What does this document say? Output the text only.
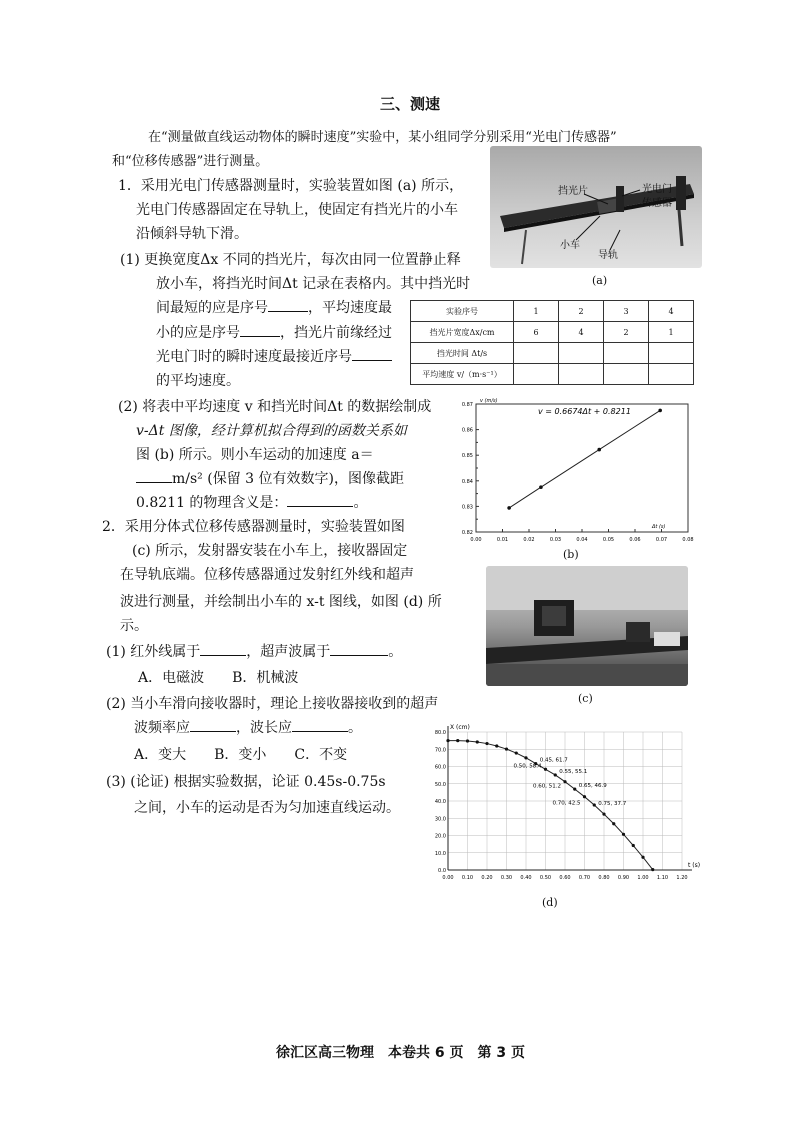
三、测速
在“测量做直线运动物体的瞬时速度”实验中，某小组同学分别采用“光电门传感器”
和“位移传感器”进行测量。
1．采用光电门传感器测量时，实验装置如图 (a) 所示，
光电门传感器固定在导轨上，使固定有挡光片的小车
沿倾斜导轨下滑。
(1) 更换宽度Δx 不同的挡光片，每次由同一位置静止释
放小车，将挡光时间Δt 记录在表格内。其中挡光时
间最短的应是序号	，平均速度最
小的应是序号	，挡光片前缘经过
光电门时的瞬时速度最接近序号
的平均速度。
实验序号	1	2	3	4
挡光片宽度Δx/cm	6	4	2	1
挡光时间 Δt/s				
平均速度 v/（m·s⁻¹）				
(2) 将表中平均速度 v 和挡光时间Δt 的数据绘制成
v-Δt 图像，经计算机拟合得到的函数关系如
图 (b) 所示。则小车运动的加速度 a＝
m/s² (保留 3 位有效数字)，图像截距
0.8211 的物理含义是：	。
2．采用分体式位移传感器测量时，实验装置如图
(c) 所示，发射器安装在小车上，接收器固定
在导轨底端。位移传感器通过发射红外线和超声
波进行测量，并绘制出小车的 x-t 图线，如图 (d) 所
示。
(1) 红外线属于	，超声波属于	。
A．电磁波　　B．机械波
(2) 当小车滑向接收器时，理论上接收器接收到的超声
波频率应	，波长应	。
A．变大　　B．变小　　C．不变
(3) (论证) 根据实验数据，论证 0.45s-0.75s
之间，小车的运动是否为匀加速直线运动。
挡光片	光电门
传感器
小车
导轨
(a)
0.82
0.83
0.84
0.85
0.86
0.87
0.00	0.01	0.02	0.03	0.04	0.05	0.06	0.07	0.08
v (m/s)
Δt (s)
v = 0.6674Δt + 0.8211
(b)
(c)
0.0
10.0
20.0
30.0
40.0
50.0
60.0
70.0
80.0
0.00 0.10 0.20 0.30 0.40 0.50 0.60 0.70 0.80 0.90 1.00 1.10 1.20
X (cm)
t (s)
0.45, 61.7
0.50, 58.4
0.55, 55.1
0.60, 51.2	0.65, 46.9
0.70, 42.5	0.75, 37.7
(d)
徐汇区高三物理　本卷共 6 页　第 3 页
